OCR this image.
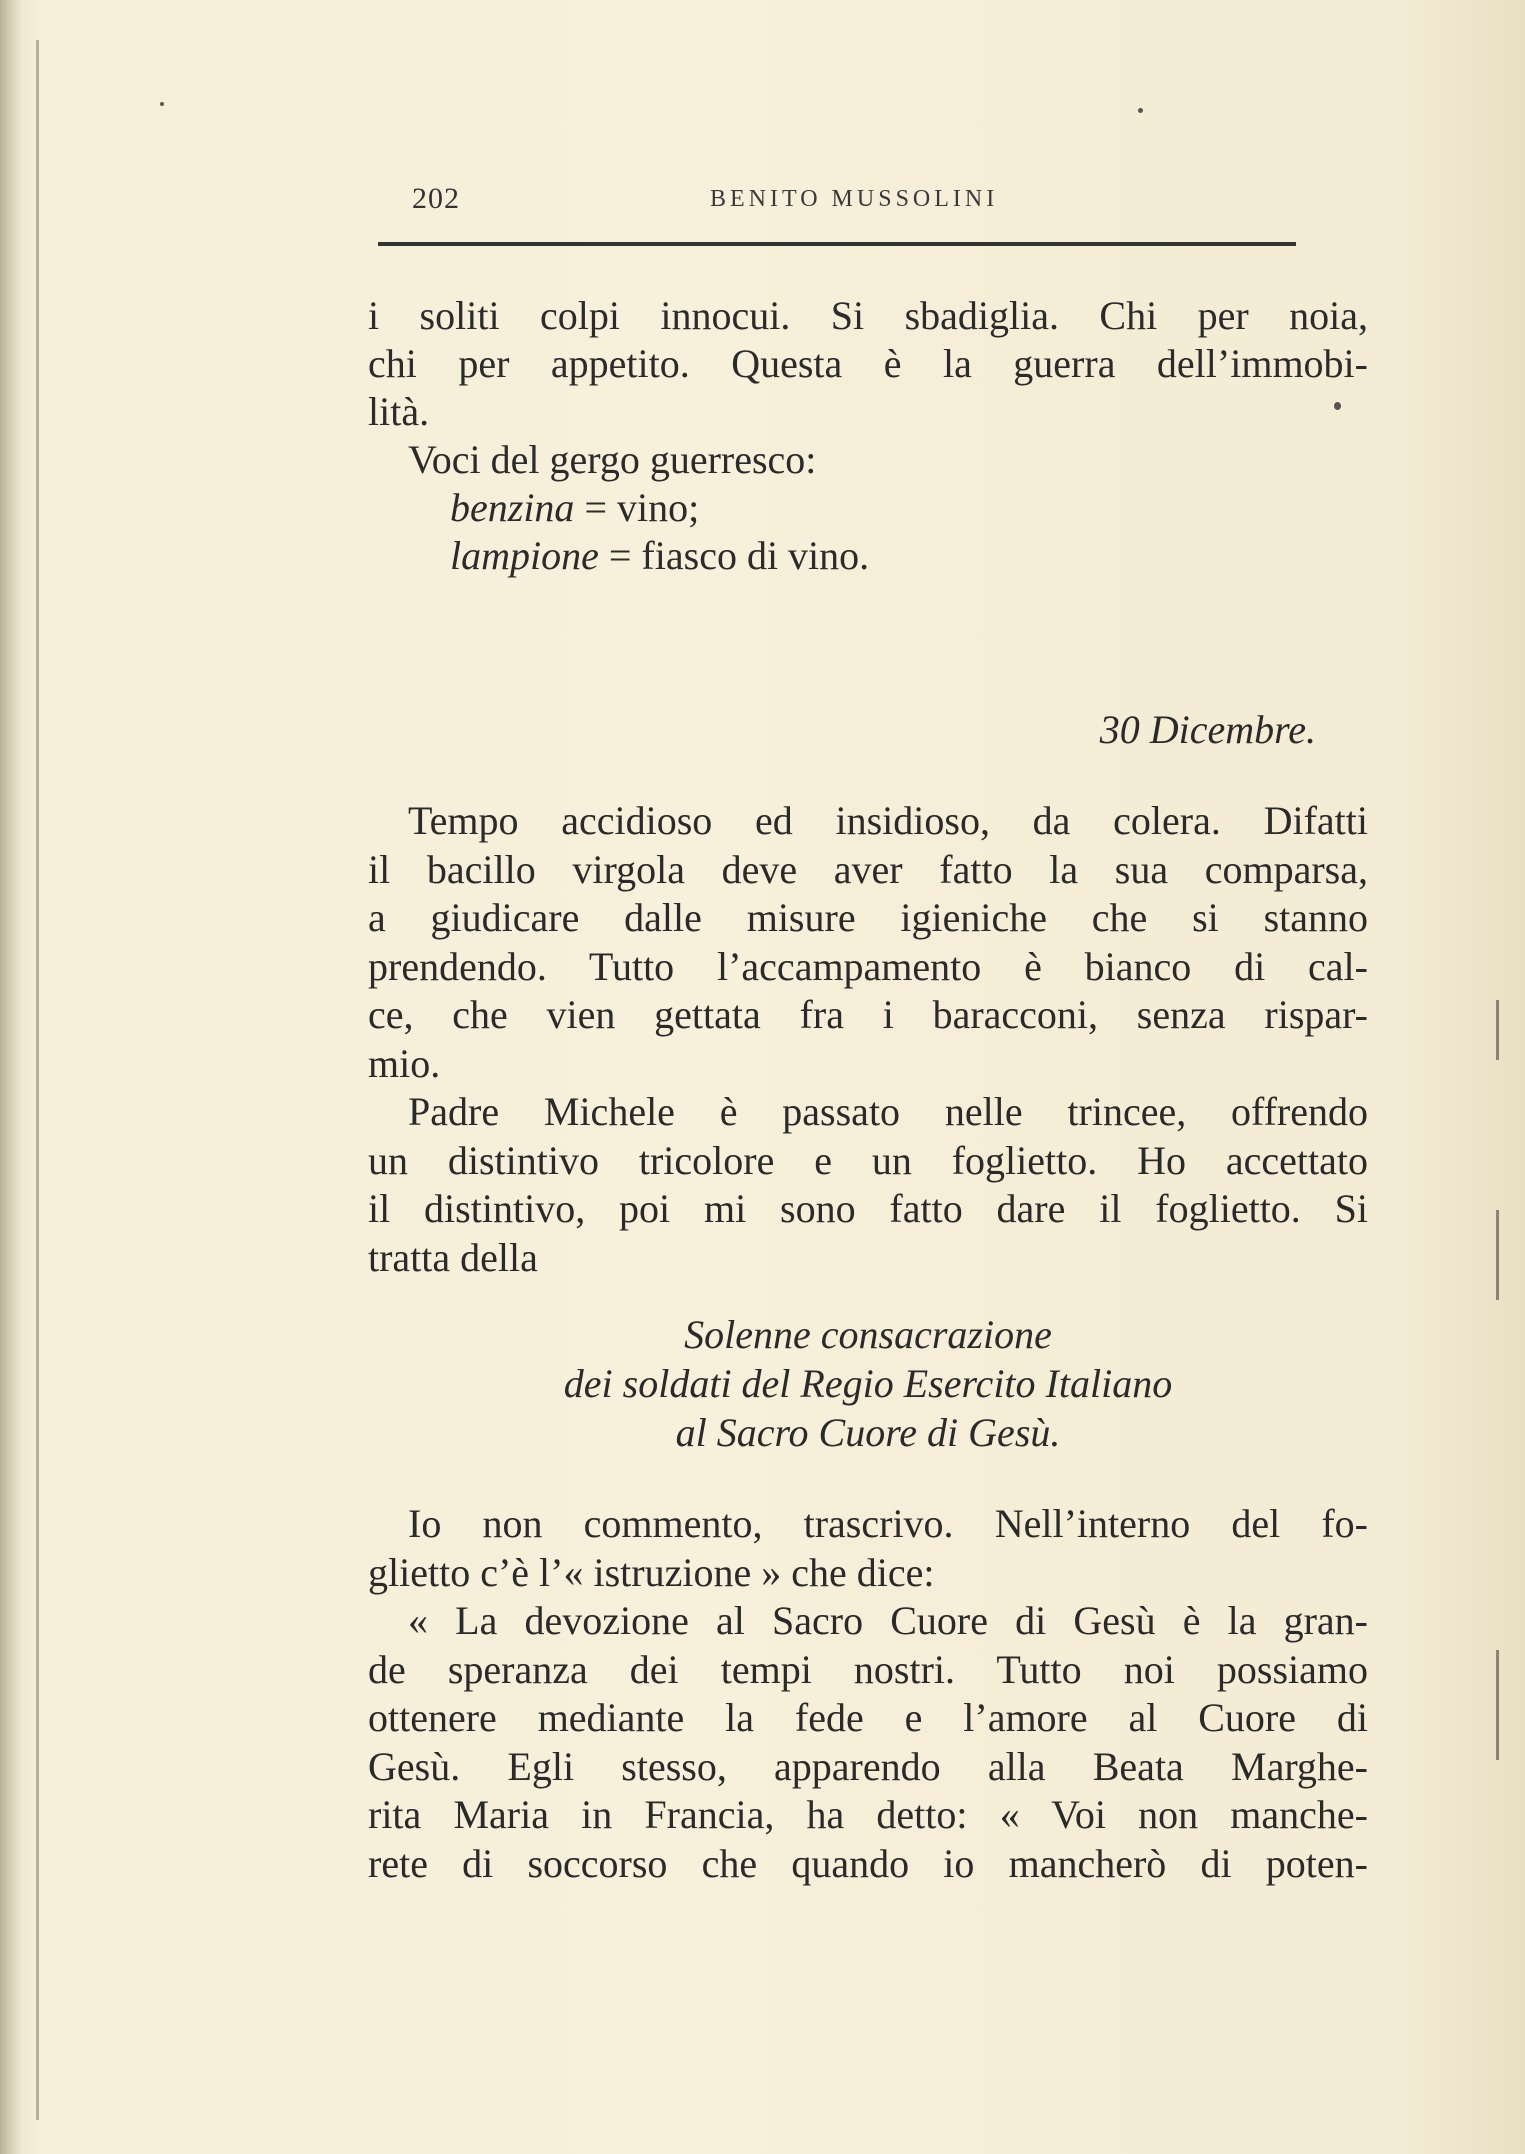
202	BENITO MUSSOLINI
i soliti colpi innocui. Si sbadiglia. Chi per noia,
chi per appetito. Questa è la guerra dell’immobi-
lità.
Voci del gergo guerresco:
benzina = vino;
lampione = fiasco di vino.
30 Dicembre.
Tempo accidioso ed insidioso, da colera. Difatti
il bacillo virgola deve aver fatto la sua comparsa,
a giudicare dalle misure igieniche che si stanno
prendendo. Tutto l’accampamento è bianco di cal-
ce, che vien gettata fra i baracconi, senza rispar-
mio.
Padre Michele è passato nelle trincee, offrendo
un distintivo tricolore e un foglietto. Ho accettato
il distintivo, poi mi sono fatto dare il foglietto. Si
tratta della
Solenne consacrazione
dei soldati del Regio Esercito Italiano
al Sacro Cuore di Gesù.
Io non commento, trascrivo. Nell’interno del fo-
glietto c’è l’« istruzione » che dice:
« La devozione al Sacro Cuore di Gesù è la gran-
de speranza dei tempi nostri. Tutto noi possiamo
ottenere mediante la fede e l’amore al Cuore di
Gesù. Egli stesso, apparendo alla Beata Marghe-
rita Maria in Francia, ha detto: « Voi non manche-
rete di soccorso che quando io mancherò di poten-
